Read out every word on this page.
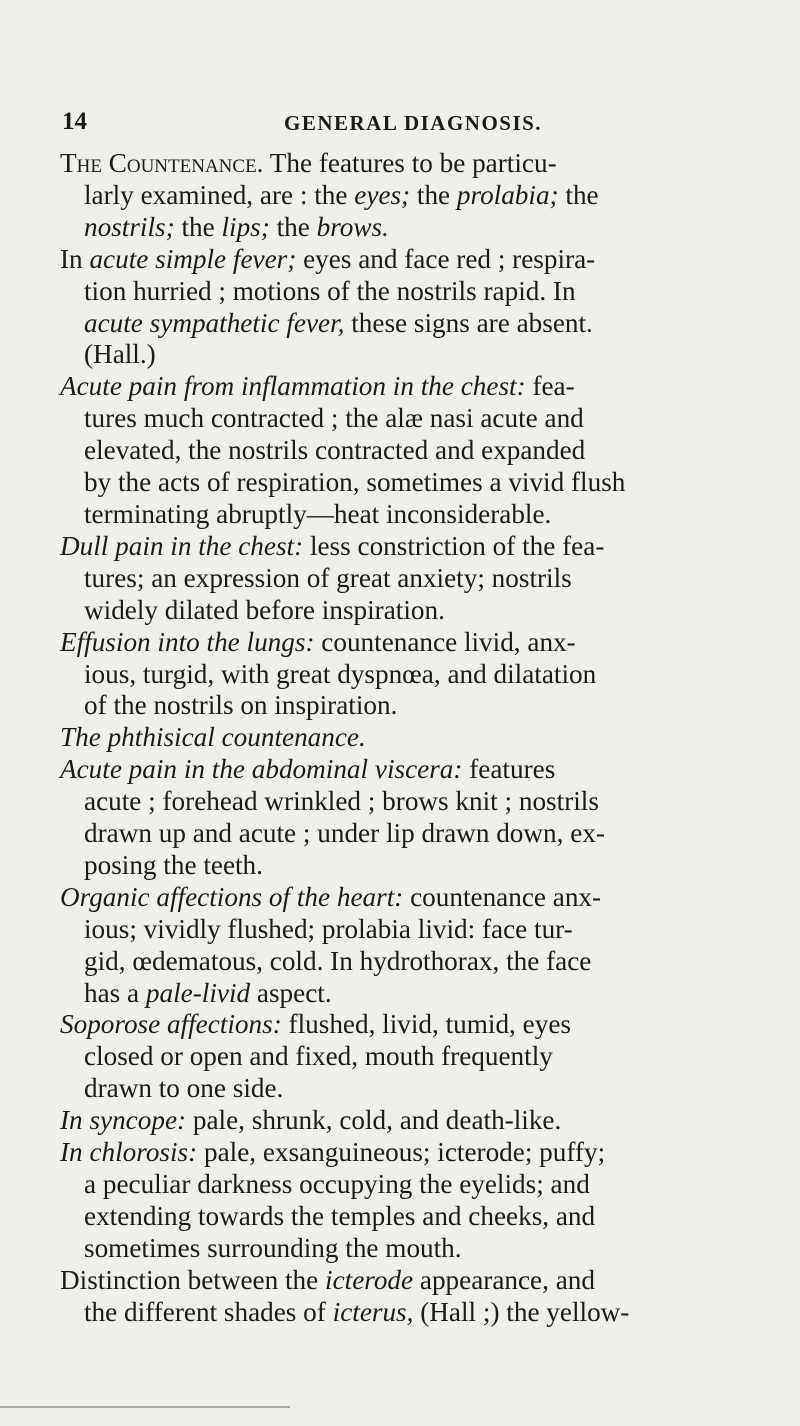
14	GENERAL DIAGNOSIS.
The Countenance. The features to be particu-
larly examined, are : the eyes; the prolabia; the
nostrils; the lips; the brows.
In acute simple fever; eyes and face red ; respira-
tion hurried ; motions of the nostrils rapid. In
acute sympathetic fever, these signs are absent.
(Hall.)
Acute pain from inflammation in the chest: fea-
tures much contracted ; the alæ nasi acute and
elevated, the nostrils contracted and expanded
by the acts of respiration, sometimes a vivid flush
terminating abruptly—heat inconsiderable.
Dull pain in the chest: less constriction of the fea-
tures; an expression of great anxiety; nostrils
widely dilated before inspiration.
Effusion into the lungs: countenance livid, anx-
ious, turgid, with great dyspnœa, and dilatation
of the nostrils on inspiration.
The phthisical countenance.
Acute pain in the abdominal viscera: features
acute ; forehead wrinkled ; brows knit ; nostrils
drawn up and acute ; under lip drawn down, ex-
posing the teeth.
Organic affections of the heart: countenance anx-
ious; vividly flushed; prolabia livid: face tur-
gid, œdematous, cold. In hydrothorax, the face
has a pale-livid aspect.
Soporose affections: flushed, livid, tumid, eyes
closed or open and fixed, mouth frequently
drawn to one side.
In syncope: pale, shrunk, cold, and death-like.
In chlorosis: pale, exsanguineous; icterode; puffy;
a peculiar darkness occupying the eyelids; and
extending towards the temples and cheeks, and
sometimes surrounding the mouth.
Distinction between the icterode appearance, and
the different shades of icterus, (Hall ;) the yellow-
